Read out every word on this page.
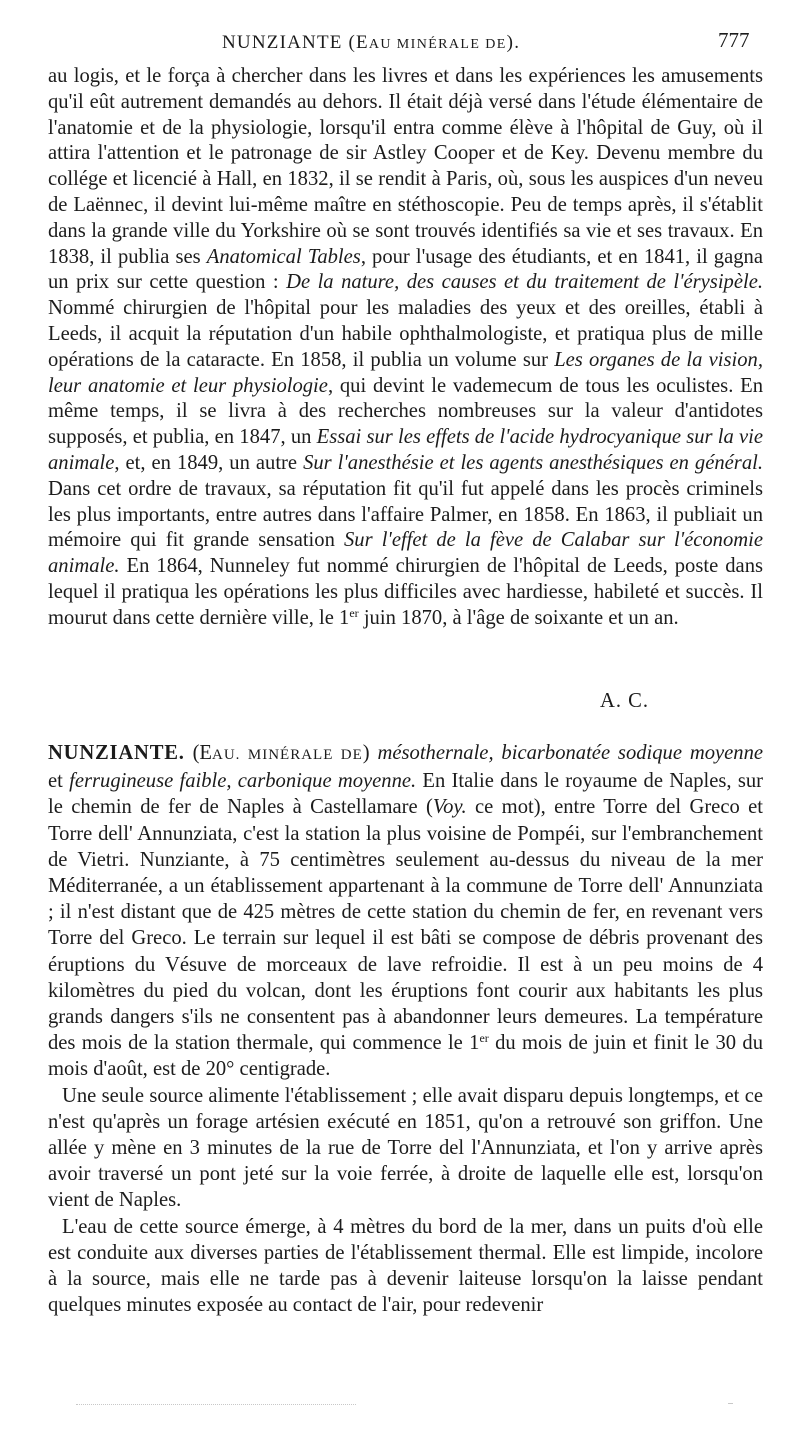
NUNZIANTE (EAU MINÉRALE DE).	777

au logis, et le força à chercher dans les livres et dans les expériences les amusements qu'il eût autrement demandés au dehors. Il était déjà versé dans l'étude élémentaire de l'anatomie et de la physiologie, lorsqu'il entra comme élève à l'hôpital de Guy, où il attira l'attention et le patronage de sir Astley Cooper et de Key. Devenu membre du collége et licencié à Hall, en 1832, il se rendit à Paris, où, sous les auspices d'un neveu de Laënnec, il devint lui-même maître en stéthoscopie. Peu de temps après, il s'établit dans la grande ville du Yorkshire où se sont trouvés identifiés sa vie et ses travaux. En 1838, il publia ses Anatomical Tables, pour l'usage des étudiants, et en 1841, il gagna un prix sur cette question : De la nature, des causes et du traitement de l'érysipèle. Nommé chirurgien de l'hôpital pour les maladies des yeux et des oreilles, établi à Leeds, il acquit la réputation d'un habile ophthalmologiste, et pratiqua plus de mille opérations de la cataracte. En 1858, il publia un volume sur Les organes de la vision, leur anatomie et leur physiologie, qui devint le vademecum de tous les oculistes. En même temps, il se livra à des recherches nombreuses sur la valeur d'antidotes supposés, et publia, en 1847, un Essai sur les effets de l'acide hydrocyanique sur la vie animale, et, en 1849, un autre Sur l'anesthésie et les agents anesthésiques en général. Dans cet ordre de travaux, sa réputation fit qu'il fut appelé dans les procès criminels les plus importants, entre autres dans l'affaire Palmer, en 1858. En 1863, il publiait un mémoire qui fit grande sensation Sur l'effet de la fève de Calabar sur l'économie animale. En 1864, Nunneley fut nommé chirurgien de l'hôpital de Leeds, poste dans lequel il pratiqua les opérations les plus difficiles avec hardiesse, habileté et succès. Il mourut dans cette dernière ville, le 1er juin 1870, à l'âge de soixante et un an.

A. C.

NUNZIANTE. (EAU. MINÉRALE DE) mésothernale, bicarbonatée sodique moyenne et ferrugineuse faible, carbonique moyenne. En Italie dans le royaume de Naples, sur le chemin de fer de Naples à Castellamare (Voy. ce mot), entre Torre del Greco et Torre dell' Annunziata, c'est la station la plus voisine de Pompéi, sur l'embranchement de Vietri. Nunziante, à 75 centimètres seulement au-dessus du niveau de la mer Méditerranée, a un établissement appartenant à la commune de Torre dell' Annunziata ; il n'est distant que de 425 mètres de cette station du chemin de fer, en revenant vers Torre del Greco. Le terrain sur lequel il est bâti se compose de débris provenant des éruptions du Vésuve de morceaux de lave refroidie. Il est à un peu moins de 4 kilomètres du pied du volcan, dont les éruptions font courir aux habitants les plus grands dangers s'ils ne consentent pas à abandonner leurs demeures. La température des mois de la station thermale, qui commence le 1er du mois de juin et finit le 30 du mois d'août, est de 20° centigrade.

Une seule source alimente l'établissement ; elle avait disparu depuis longtemps, et ce n'est qu'après un forage artésien exécuté en 1851, qu'on a retrouvé son griffon. Une allée y mène en 3 minutes de la rue de Torre del l'Annunziata, et l'on y arrive après avoir traversé un pont jeté sur la voie ferrée, à droite de laquelle elle est, lorsqu'on vient de Naples.

L'eau de cette source émerge, à 4 mètres du bord de la mer, dans un puits d'où elle est conduite aux diverses parties de l'établissement thermal. Elle est limpide, incolore à la source, mais elle ne tarde pas à devenir laiteuse lorsqu'on la laisse pendant quelques minutes exposée au contact de l'air, pour redevenir
